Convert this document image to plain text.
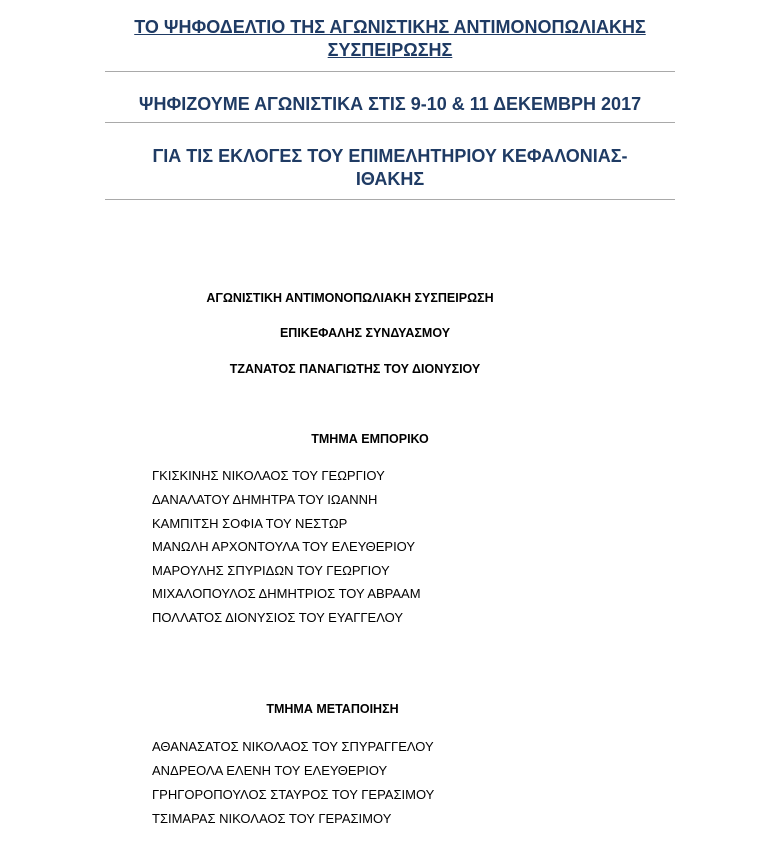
ΤΟ ΨΗΦΟΔΕΛΤΙΟ ΤΗΣ ΑΓΩΝΙΣΤΙΚΗΣ ΑΝΤΙΜΟΝΟΠΩΛΙΑΚΗΣ
ΣΥΣΠΕΙΡΩΣΗΣ
ΨΗΦΙΖΟΥΜΕ ΑΓΩΝΙΣΤΙΚΑ ΣΤΙΣ 9-10 & 11 ΔΕΚΕΜΒΡΗ 2017
ΓΙΑ ΤΙΣ ΕΚΛΟΓΕΣ ΤΟΥ ΕΠΙΜΕΛΗΤΗΡΙΟΥ ΚΕΦΑΛΟΝΙΑΣ-
ΙΘΑΚΗΣ
ΑΓΩΝΙΣΤΙΚΗ ΑΝΤΙΜΟΝΟΠΩΛΙΑΚΗ ΣΥΣΠΕΙΡΩΣΗ
ΕΠΙΚΕΦΑΛΗΣ ΣΥΝΔΥΑΣΜΟΥ
ΤΖΑΝΑΤΟΣ ΠΑΝΑΓΙΩΤΗΣ ΤΟΥ ΔΙΟΝΥΣΙΟΥ
ΤΜΗΜΑ ΕΜΠΟΡΙΚΟ
ΓΚΙΣΚΙΝΗΣ ΝΙΚΟΛΑΟΣ ΤΟΥ ΓΕΩΡΓΙΟΥ
ΔΑΝΑΛΑΤΟΥ ΔΗΜΗΤΡΑ ΤΟΥ ΙΩΑΝΝΗ
ΚΑΜΠΙΤΣΗ ΣΟΦΙΑ ΤΟΥ ΝΕΣΤΩΡ
ΜΑΝΩΛΗ ΑΡΧΟΝΤΟΥΛΑ ΤΟΥ ΕΛΕΥΘΕΡΙΟΥ
ΜΑΡΟΥΛΗΣ ΣΠΥΡΙΔΩΝ ΤΟΥ ΓΕΩΡΓΙΟΥ
ΜΙΧΑΛΟΠΟΥΛΟΣ ΔΗΜΗΤΡΙΟΣ ΤΟΥ ΑΒΡΑΑΜ
ΠΟΛΛΑΤΟΣ ΔΙΟΝΥΣΙΟΣ ΤΟΥ ΕΥΑΓΓΕΛΟΥ
ΤΜΗΜΑ ΜΕΤΑΠΟΙΗΣΗ
ΑΘΑΝΑΣΑΤΟΣ ΝΙΚΟΛΑΟΣ ΤΟΥ ΣΠΥΡΑΓΓΕΛΟΥ
ΑΝΔΡΕΟΛΑ ΕΛΕΝΗ ΤΟΥ ΕΛΕΥΘΕΡΙΟΥ
ΓΡΗΓΟΡΟΠΟΥΛΟΣ ΣΤΑΥΡΟΣ ΤΟΥ ΓΕΡΑΣΙΜΟΥ
ΤΣΙΜΑΡΑΣ ΝΙΚΟΛΑΟΣ ΤΟΥ ΓΕΡΑΣΙΜΟΥ
